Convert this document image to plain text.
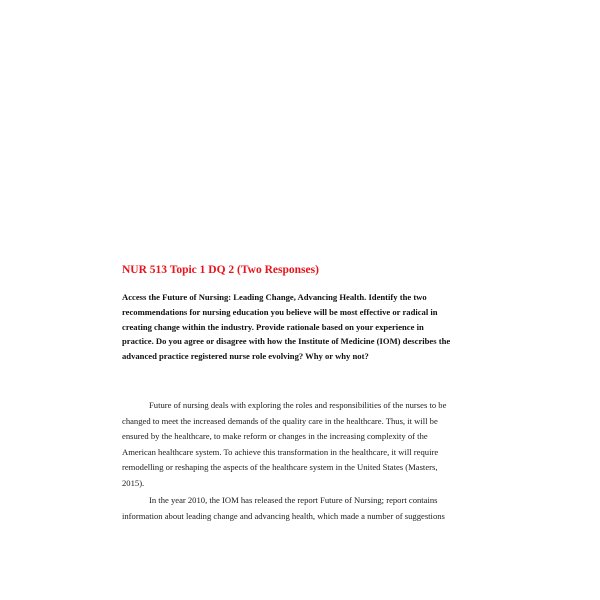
NUR 513 Topic 1 DQ 2 (Two Responses)
Access the Future of Nursing: Leading Change, Advancing Health. Identify the two
recommendations for nursing education you believe will be most effective or radical in
creating change within the industry. Provide rationale based on your experience in
practice. Do you agree or disagree with how the Institute of Medicine (IOM) describes the
advanced practice registered nurse role evolving? Why or why not?
Future of nursing deals with exploring the roles and responsibilities of the nurses to be
changed to meet the increased demands of the quality care in the healthcare. Thus, it will be
ensured by the healthcare, to make reform or changes in the increasing complexity of the
American healthcare system. To achieve this transformation in the healthcare, it will require
remodelling or reshaping the aspects of the healthcare system in the United States (Masters,
2015).
In the year 2010, the IOM has released the report Future of Nursing; report contains
information about leading change and advancing health, which made a number of suggestions
